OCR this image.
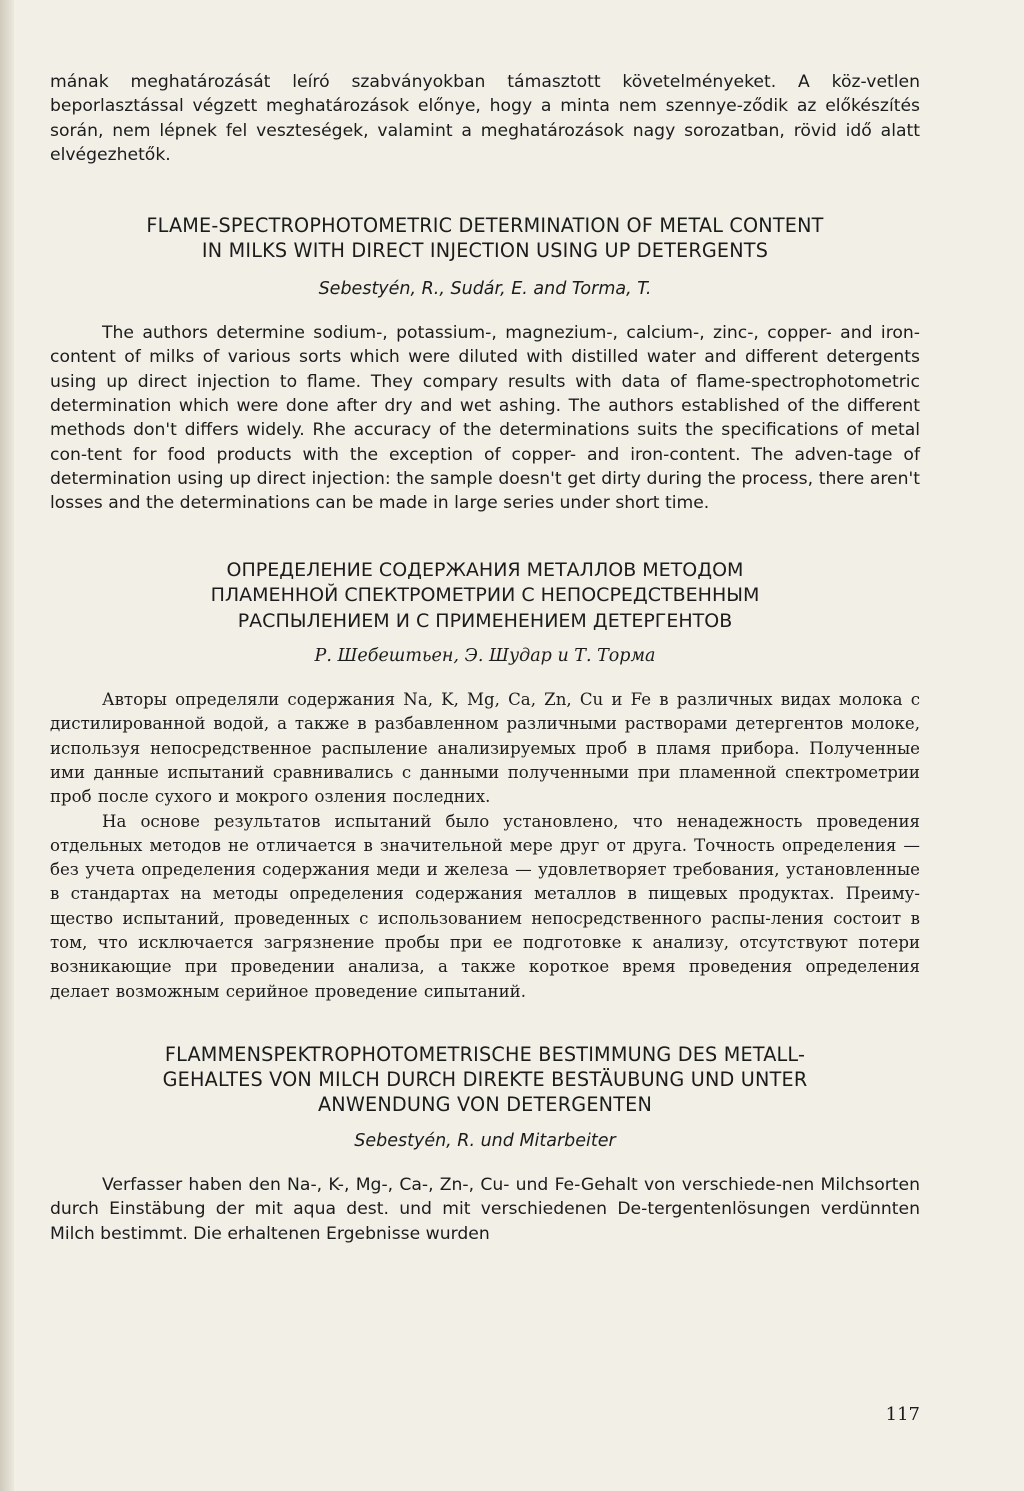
mának meghatározását leíró szabványokban támasztott követelményeket. A köz-vetlen beporlasztással végzett meghatározások előnye, hogy a minta nem szennye-ződik az előkészítés során, nem lépnek fel veszteségek, valamint a meghatározások nagy sorozatban, rövid idő alatt elvégezhetők.

FLAME-SPECTROPHOTOMETRIC DETERMINATION OF METAL CONTENT

IN MILKS WITH DIRECT INJECTION USING UP DETERGENTS

Sebestyén, R., Sudár, E. and Torma, T.

The authors determine sodium-, potassium-, magnezium-, calcium-, zinc-, copper- and iron-content of milks of various sorts which were diluted with distilled water and different detergents using up direct injection to flame. They compary results with data of flame-spectrophotometric determination which were done after dry and wet ashing. The authors established of the different methods don't differs widely. Rhe accuracy of the determinations suits the specifications of metal con-tent for food products with the exception of copper- and iron-content. The adven-tage of determination using up direct injection: the sample doesn't get dirty during the process, there aren't losses and the determinations can be made in large series under short time.

ОПРЕДЕЛЕНИЕ СОДЕРЖАНИЯ МЕТАЛЛОВ МЕТОДОМ

ПЛАМЕННОЙ СПЕКТРОМЕТРИИ С НЕПОСРЕДСТВЕННЫМ

РАСПЫЛЕНИЕМ И С ПРИМЕНЕНИЕМ ДЕТЕРГЕНТОВ

Р. Шебештьен, Э. Шудар и Т. Торма

Авторы определяли содержания Na, K, Mg, Ca, Zn, Cu и Fe в различных видах молока с дистилированной водой, а также в разбавленном различными растворами детергентов молоке, используя непосредственное распыление анализируемых проб в пламя прибора. Полученные ими данные испытаний сравнивались с данными полученными при пламенной спектрометрии проб после сухого и мокрого озления последних.

На основе результатов испытаний было установлено, что ненадежность проведения отдельных методов не отличается в значительной мере друг от друга. Точность определения — без учета определения содержания меди и железа — удовлетворяет требования, установленные в стандартах на методы определения содержания металлов в пищевых продуктах. Преиму-щество испытаний, проведенных с использованием непосредственного распы-ления состоит в том, что исключается загрязнение пробы при ее подготовке к анализу, отсутствуют потери возникающие при проведении анализа, а также короткое время проведения определения делает возможным серийное проведение сипытаний.

FLAMMENSPEKTROPHOTOMETRISCHE BESTIMMUNG DES METALL-

GEHALTES VON MILCH DURCH DIREKTE BESTÄUBUNG UND UNTER

ANWENDUNG VON DETERGENTEN

Sebestyén, R. und Mitarbeiter

Verfasser haben den Na-, K-, Mg-, Ca-, Zn-, Cu- und Fe-Gehalt von verschiede-nen Milchsorten durch Einstäbung der mit aqua dest. und mit verschiedenen De-tergentenlösungen verdünnten Milch bestimmt. Die erhaltenen Ergebnisse wurden

117
